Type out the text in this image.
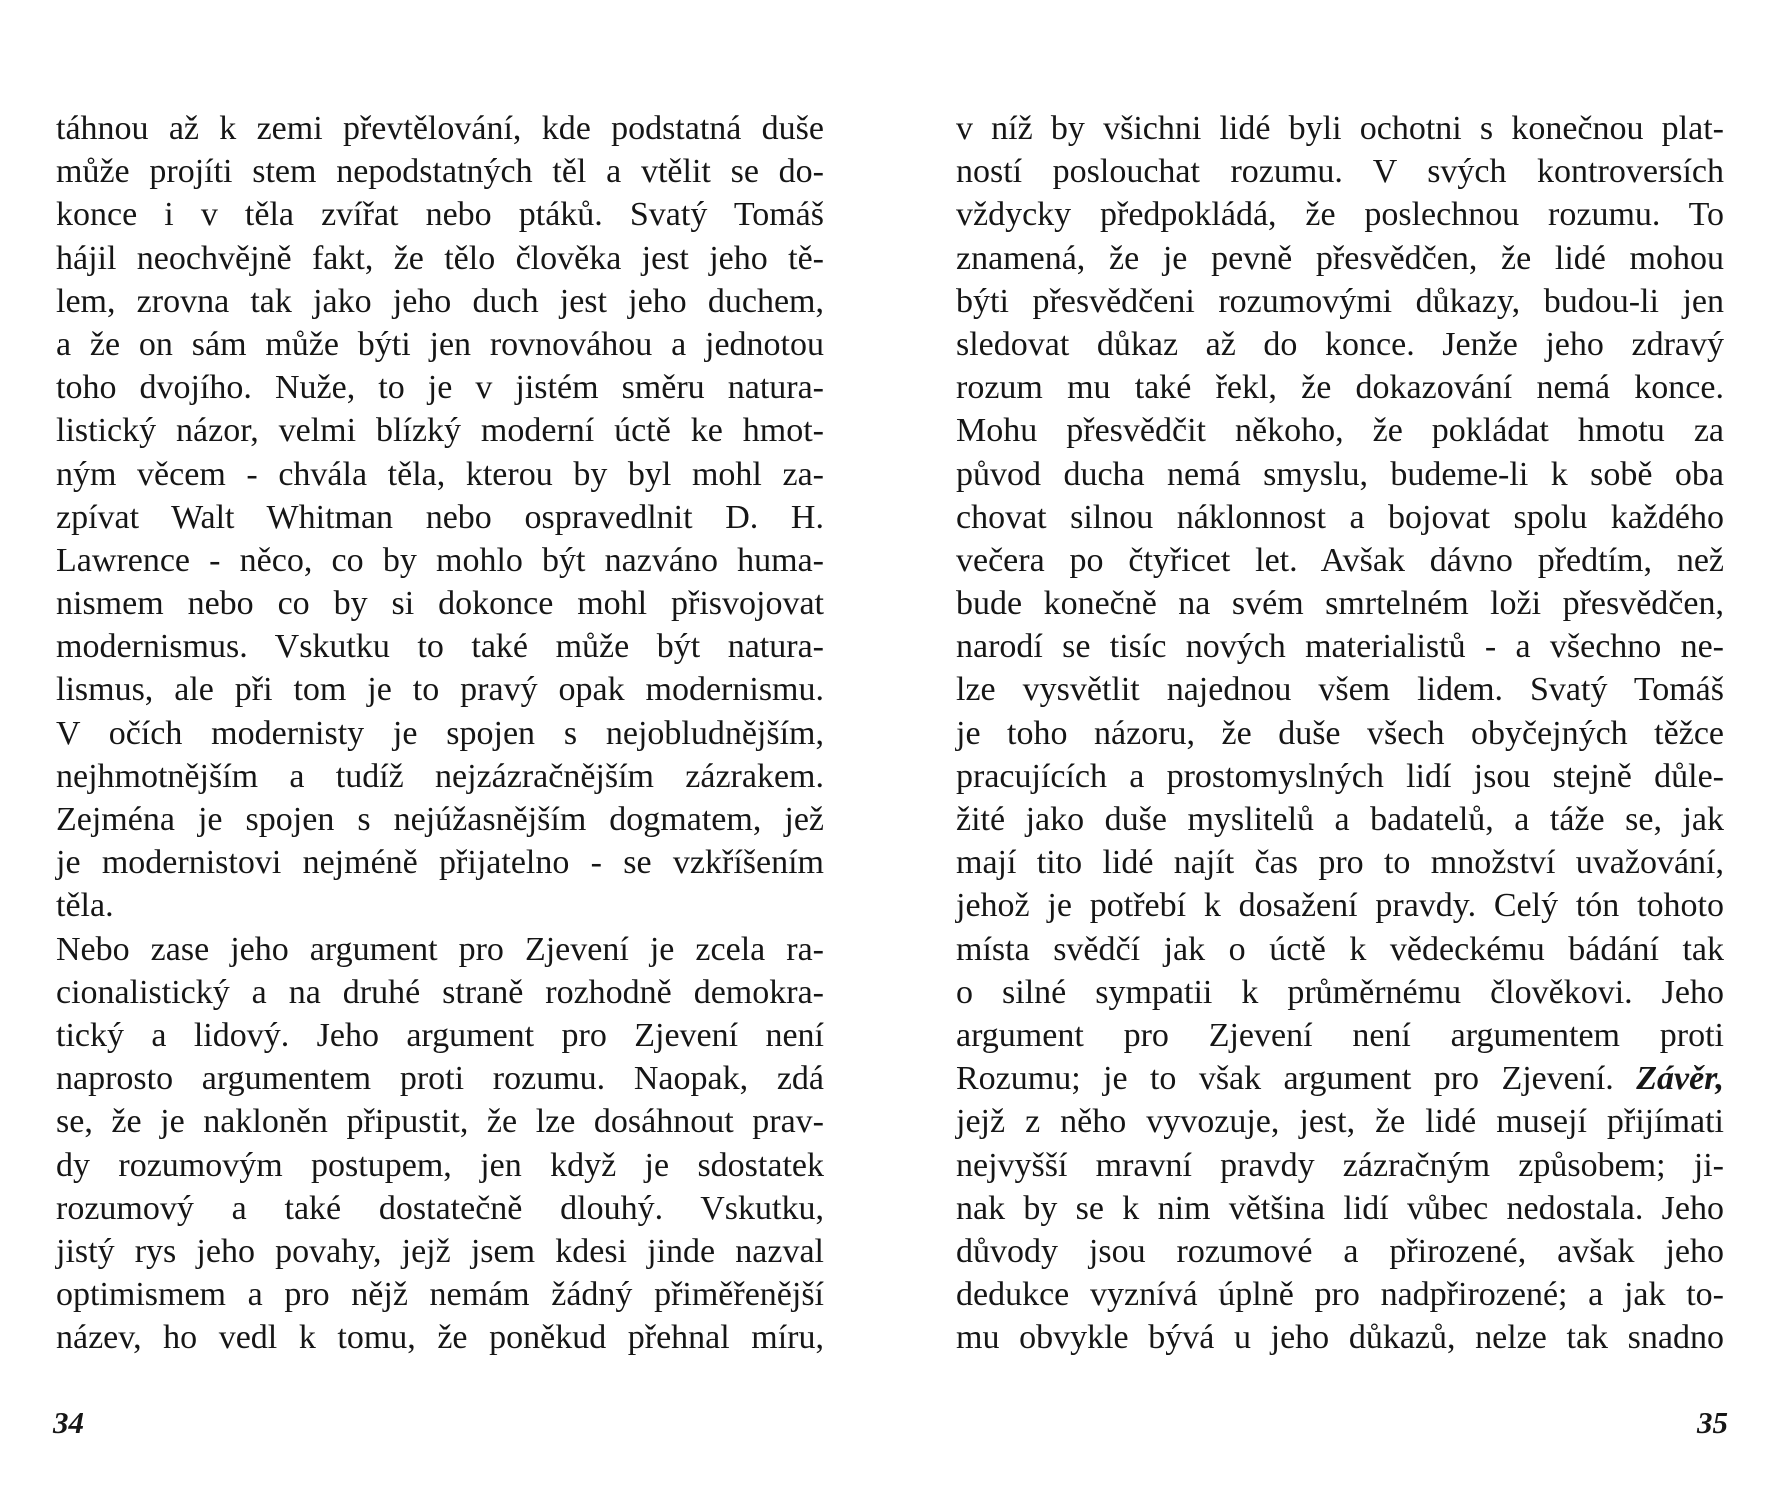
táhnou až k zemi převtělování, kde podstatná duše
může projíti stem nepodstatných těl a vtělit se do-
konce i v těla zvířat nebo ptáků. Svatý Tomáš
hájil neochvějně fakt, že tělo člověka jest jeho tě-
lem, zrovna tak jako jeho duch jest jeho duchem,
a že on sám může býti jen rovnováhou a jednotou
toho dvojího. Nuže, to je v jistém směru natura-
listický názor, velmi blízký moderní úctě ke hmot-
ným věcem - chvála těla, kterou by byl mohl za-
zpívat Walt Whitman nebo ospravedlnit D. H.
Lawrence - něco, co by mohlo být nazváno huma-
nismem nebo co by si dokonce mohl přisvojovat
modernismus. Vskutku to také může být natura-
lismus, ale při tom je to pravý opak modernismu.
V očích modernisty je spojen s nejobludnějším,
nejhmotnějším a tudíž nejzázračnějším zázrakem.
Zejména je spojen s nejúžasnějším dogmatem, jež
je modernistovi nejméně přijatelno - se vzkříšením
těla.
Nebo zase jeho argument pro Zjevení je zcela ra-
cionalistický a na druhé straně rozhodně demokra-
tický a lidový. Jeho argument pro Zjevení není
naprosto argumentem proti rozumu. Naopak, zdá
se, že je nakloněn připustit, že lze dosáhnout prav-
dy rozumovým postupem, jen když je sdostatek
rozumový a také dostatečně dlouhý. Vskutku,
jistý rys jeho povahy, jejž jsem kdesi jinde nazval
optimismem a pro nějž nemám žádný přiměřenější
název, ho vedl k tomu, že poněkud přehnal míru,
34
v níž by všichni lidé byli ochotni s konečnou plat-
ností poslouchat rozumu. V svých kontroversích
vždycky předpokládá, že poslechnou rozumu. To
znamená, že je pevně přesvědčen, že lidé mohou
býti přesvědčeni rozumovými důkazy, budou-li jen
sledovat důkaz až do konce. Jenže jeho zdravý
rozum mu také řekl, že dokazování nemá konce.
Mohu přesvědčit někoho, že pokládat hmotu za
původ ducha nemá smyslu, budeme-li k sobě oba
chovat silnou náklonnost a bojovat spolu každého
večera po čtyřicet let. Avšak dávno předtím, než
bude konečně na svém smrtelném loži přesvědčen,
narodí se tisíc nových materialistů - a všechno ne-
lze vysvětlit najednou všem lidem. Svatý Tomáš
je toho názoru, že duše všech obyčejných těžce
pracujících a prostomyslných lidí jsou stejně důle-
žité jako duše myslitelů a badatelů, a táže se, jak
mají tito lidé najít čas pro to množství uvažování,
jehož je potřebí k dosažení pravdy. Celý tón tohoto
místa svědčí jak o úctě k vědeckému bádání tak
o silné sympatii k průměrnému člověkovi. Jeho
argument pro Zjevení není argumentem proti
Rozumu; je to však argument pro Zjevení. Závěr,
jejž z něho vyvozuje, jest, že lidé musejí přijímati
nejvyšší mravní pravdy zázračným způsobem; ji-
nak by se k nim většina lidí vůbec nedostala. Jeho
důvody jsou rozumové a přirozené, avšak jeho
dedukce vyznívá úplně pro nadpřirozené; a jak to-
mu obvykle bývá u jeho důkazů, nelze tak snadno
35
